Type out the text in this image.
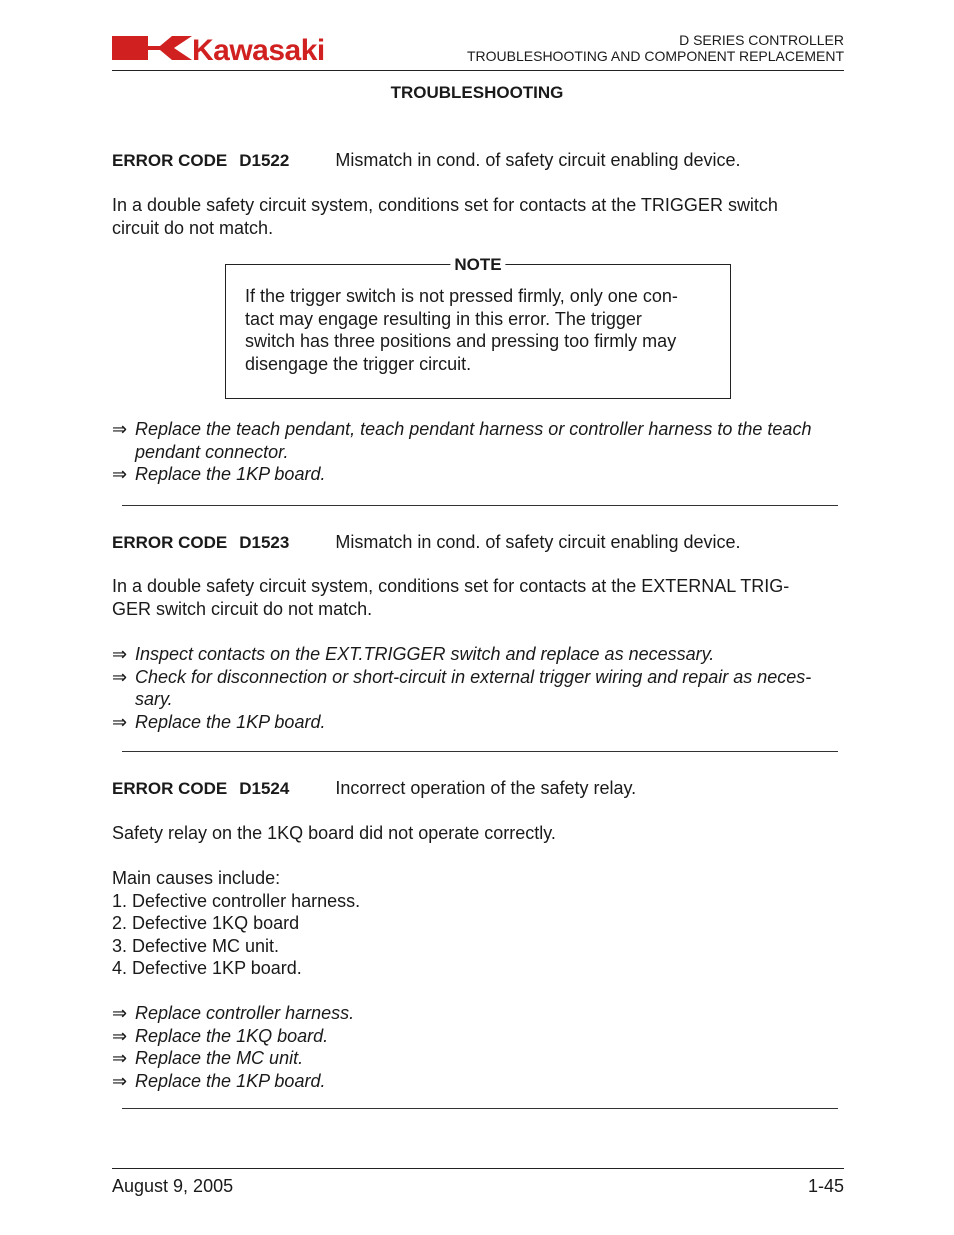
Kawasaki	D SERIES CONTROLLER
TROUBLESHOOTING AND COMPONENT REPLACEMENT
TROUBLESHOOTING
ERROR CODE D1522	Mismatch in cond. of safety circuit enabling device.
In a double safety circuit system, conditions set for contacts at the TRIGGER switch
circuit do not match.
NOTE
If the trigger switch is not pressed firmly, only one con-
tact may engage resulting in this error. The trigger
switch has three positions and pressing too firmly may
disengage the trigger circuit.
⇒ Replace the teach pendant, teach pendant harness or controller harness to the teach
pendant connector.
⇒ Replace the 1KP board.
ERROR CODE D1523	Mismatch in cond. of safety circuit enabling device.
In a double safety circuit system, conditions set for contacts at the EXTERNAL TRIG-
GER switch circuit do not match.
⇒ Inspect contacts on the EXT.TRIGGER switch and replace as necessary.
⇒ Check for disconnection or short-circuit in external trigger wiring and repair as neces-
sary.
⇒ Replace the 1KP board.
ERROR CODE D1524	Incorrect operation of the safety relay.
Safety relay on the 1KQ board did not operate correctly.
Main causes include:
1. Defective controller harness.
2. Defective 1KQ board
3. Defective MC unit.
4. Defective 1KP board.
⇒ Replace controller harness.
⇒ Replace the 1KQ board.
⇒ Replace the MC unit.
⇒ Replace the 1KP board.
August 9, 2005	1-45
